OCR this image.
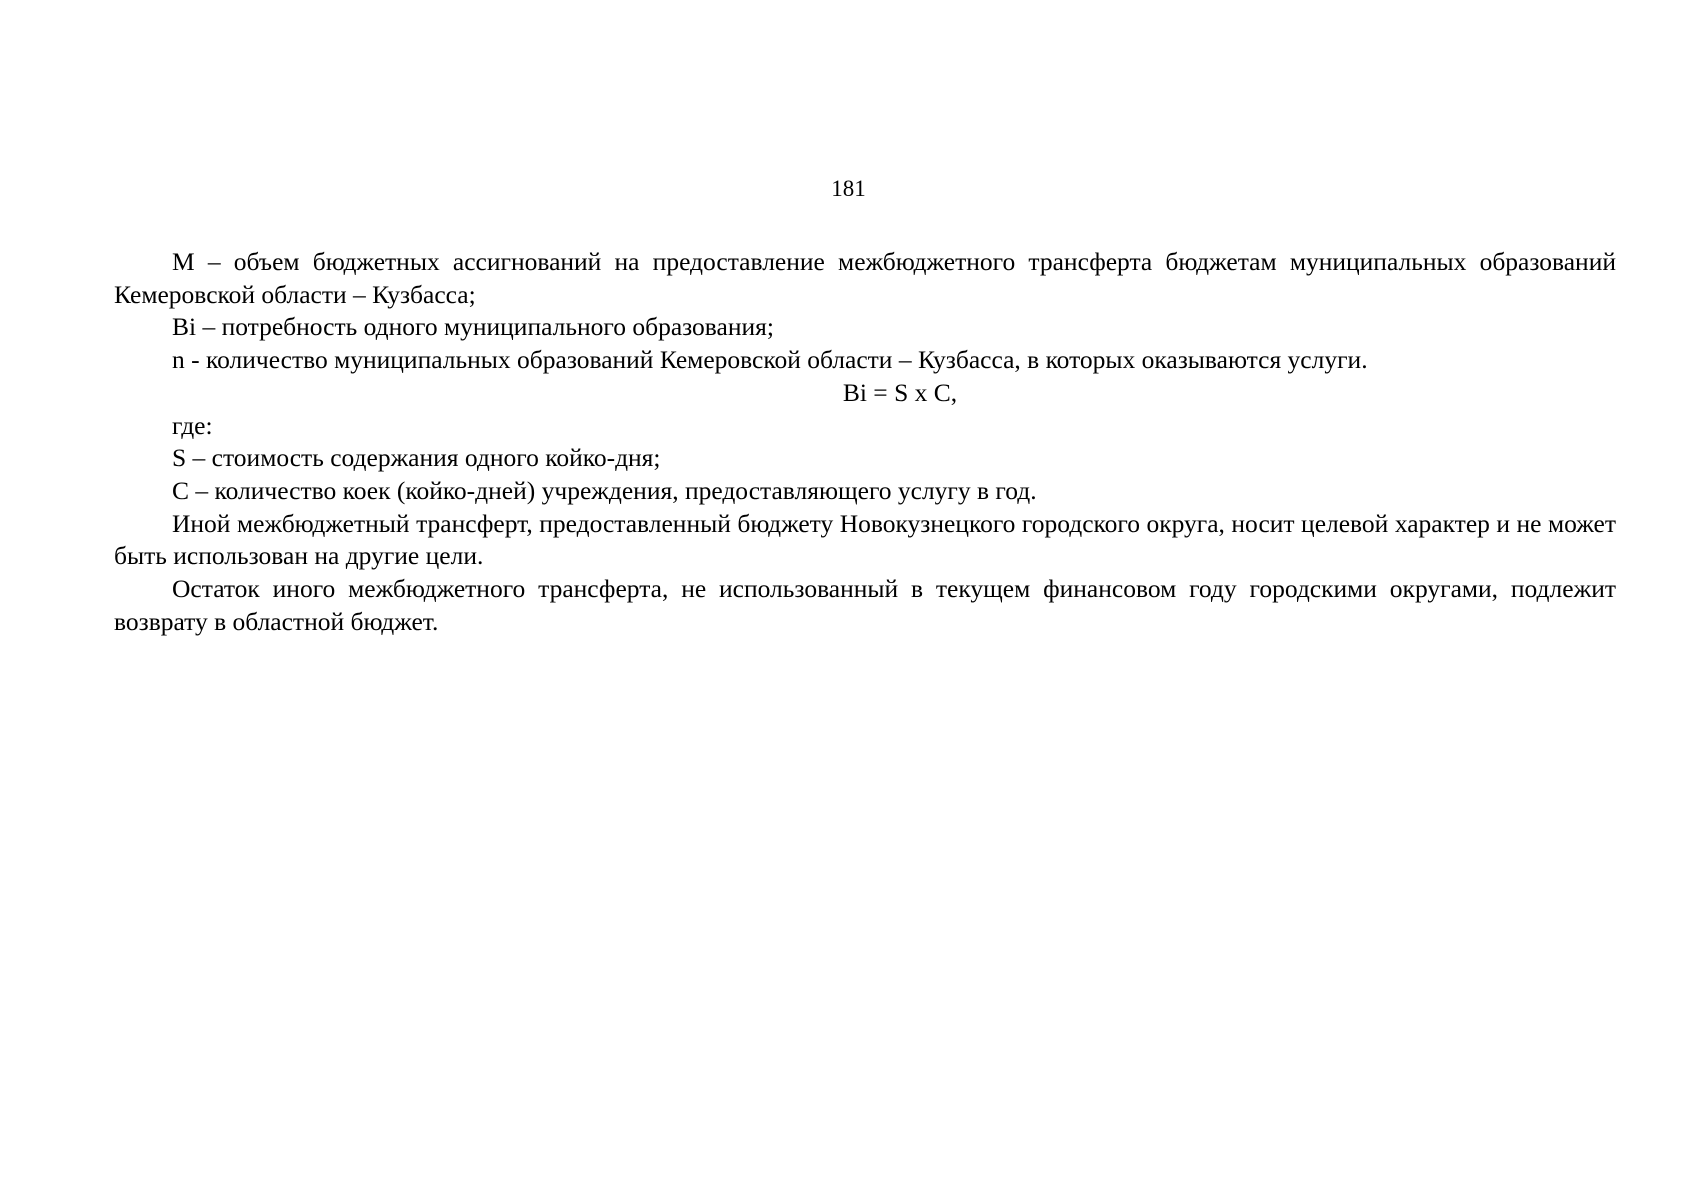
181

М – объем бюджетных ассигнований на предоставление межбюджетного трансферта бюджетам муниципальных образований Кемеровской области – Кузбасса;

Bi – потребность одного муниципального образования;

n - количество муниципальных образований Кемеровской области – Кузбасса, в которых оказываются услуги.

Bi = S х C,

где:

S – стоимость содержания одного койко-дня;

С – количество коек (койко-дней) учреждения, предоставляющего услугу в год.

Иной межбюджетный трансферт, предоставленный бюджету Новокузнецкого городского округа, носит целевой характер и не может быть использован на другие цели.

Остаток иного межбюджетного трансферта, не использованный в текущем финансовом году городскими округами, подлежит возврату в областной бюджет.
